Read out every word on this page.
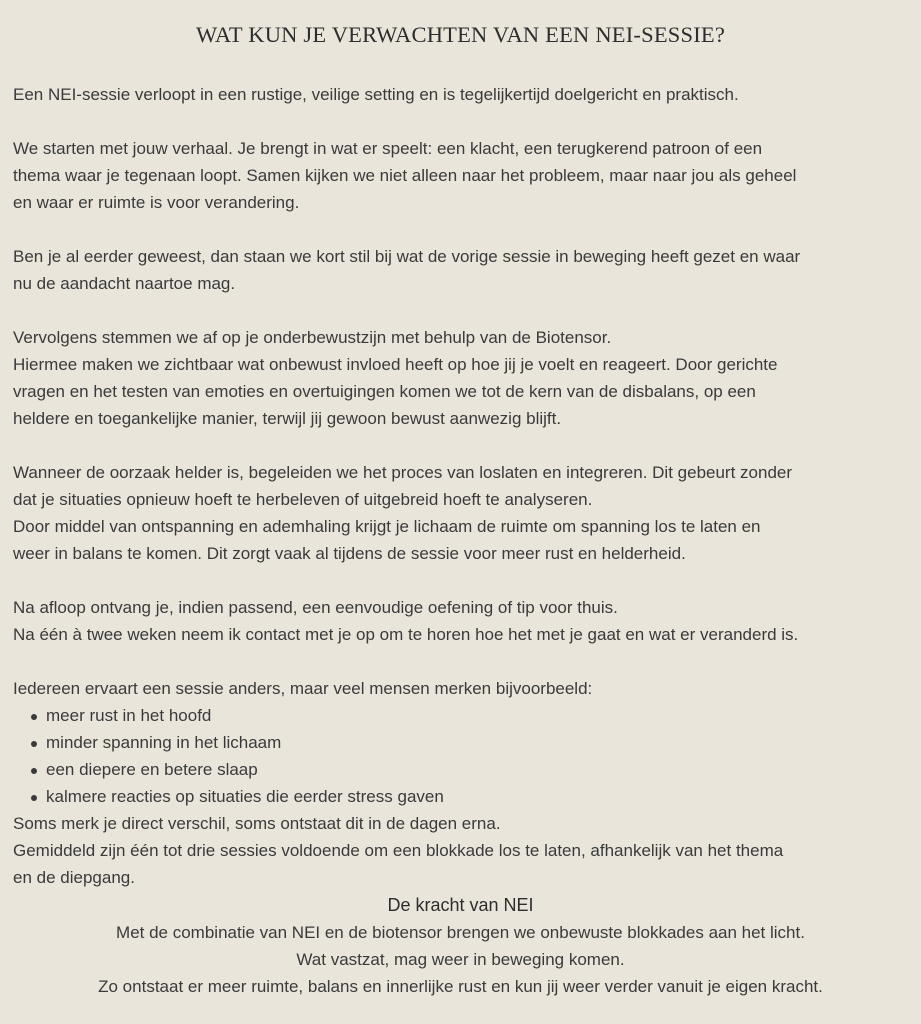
WAT KUN JE VERWACHTEN VAN EEN NEI-SESSIE?

Een NEI-sessie verloopt in een rustige, veilige setting en is tegelijkertijd doelgericht en praktisch.

We starten met jouw verhaal. Je brengt in wat er speelt: een klacht, een terugkerend patroon of een
thema waar je tegenaan loopt. Samen kijken we niet alleen naar het probleem, maar naar jou als geheel
en waar er ruimte is voor verandering.

Ben je al eerder geweest, dan staan we kort stil bij wat de vorige sessie in beweging heeft gezet en waar
nu de aandacht naartoe mag.

Vervolgens stemmen we af op je onderbewustzijn met behulp van de Biotensor.
Hiermee maken we zichtbaar wat onbewust invloed heeft op hoe jij je voelt en reageert. Door gerichte
vragen en het testen van emoties en overtuigingen komen we tot de kern van de disbalans, op een
heldere en toegankelijke manier, terwijl jij gewoon bewust aanwezig blijft.

Wanneer de oorzaak helder is, begeleiden we het proces van loslaten en integreren. Dit gebeurt zonder
dat je situaties opnieuw hoeft te herbeleven of uitgebreid hoeft te analyseren.
Door middel van ontspanning en ademhaling krijgt je lichaam de ruimte om spanning los te laten en
weer in balans te komen. Dit zorgt vaak al tijdens de sessie voor meer rust en helderheid.

Na afloop ontvang je, indien passend, een eenvoudige oefening of tip voor thuis.
Na één à twee weken neem ik contact met je op om te horen hoe het met je gaat en wat er veranderd is.

Iedereen ervaart een sessie anders, maar veel mensen merken bijvoorbeeld:

meer rust in het hoofd
minder spanning in het lichaam
een diepere en betere slaap
kalmere reacties op situaties die eerder stress gaven

Soms merk je direct verschil, soms ontstaat dit in de dagen erna.
Gemiddeld zijn één tot drie sessies voldoende om een blokkade los te laten, afhankelijk van het thema
en de diepgang.

De kracht van NEI

Met de combinatie van NEI en de biotensor brengen we onbewuste blokkades aan het licht.
Wat vastzat, mag weer in beweging komen.
Zo ontstaat er meer ruimte, balans en innerlijke rust en kun jij weer verder vanuit je eigen kracht.
